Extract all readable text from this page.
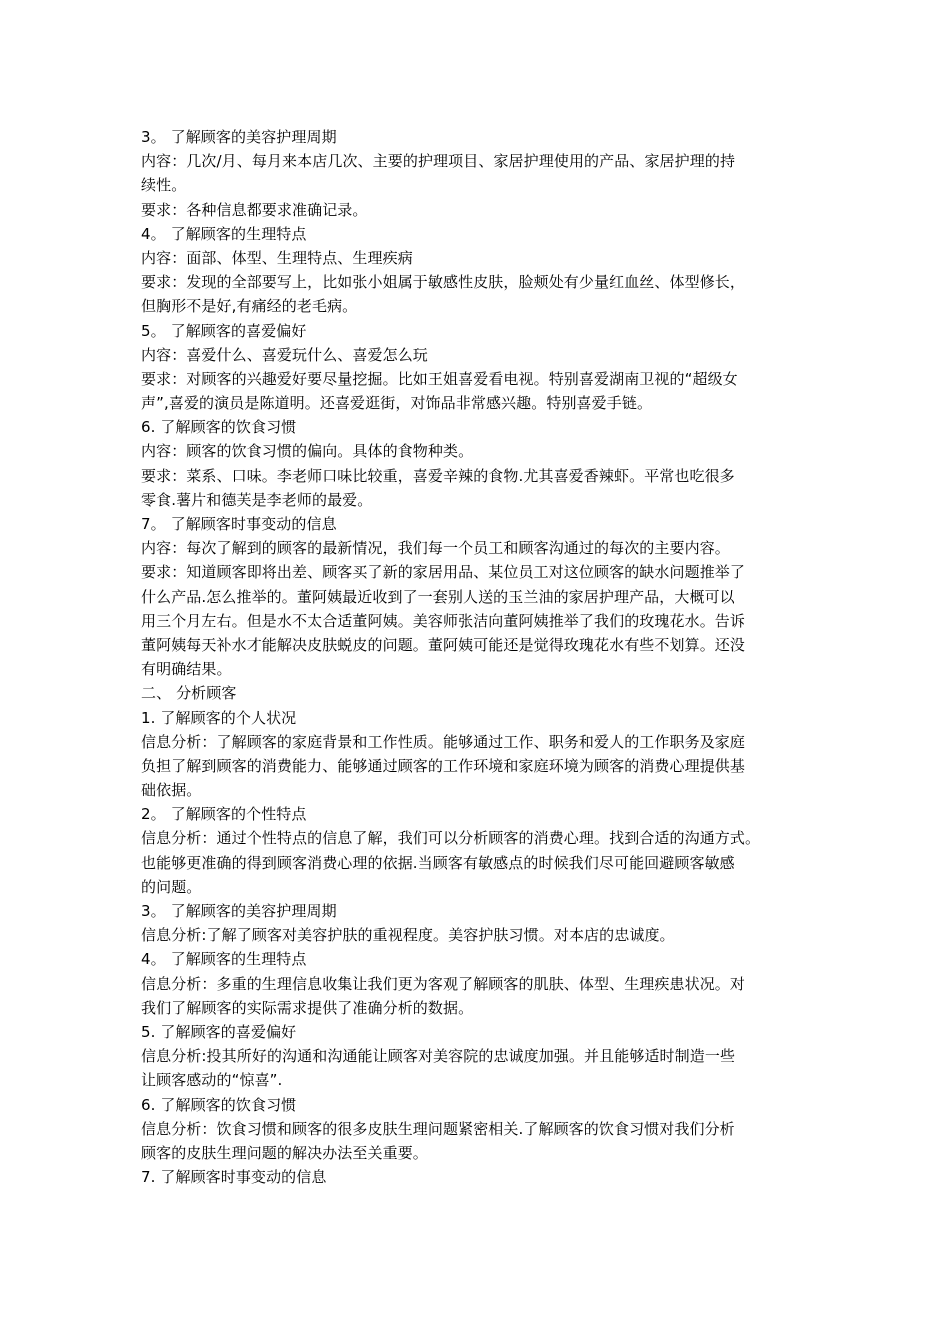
3。 了解顾客的美容护理周期
内容：几次/月、每月来本店几次、主要的护理项目、家居护理使用的产品、家居护理的持
续性。
要求：各种信息都要求准确记录。
4。 了解顾客的生理特点
内容：面部、体型、生理特点、生理疾病
要求：发现的全部要写上，比如张小姐属于敏感性皮肤，脸颊处有少量红血丝、体型修长，
但胸形不是好,有痛经的老毛病。
5。 了解顾客的喜爱偏好
内容：喜爱什么、喜爱玩什么、喜爱怎么玩
要求：对顾客的兴趣爱好要尽量挖掘。比如王姐喜爱看电视。特别喜爱湖南卫视的“超级女
声”,喜爱的演员是陈道明。还喜爱逛街，对饰品非常感兴趣。特别喜爱手链。
6. 了解顾客的饮食习惯
内容：顾客的饮食习惯的偏向。具体的食物种类。
要求：菜系、口味。李老师口味比较重，喜爱辛辣的食物.尤其喜爱香辣虾。平常也吃很多
零食.薯片和德芙是李老师的最爱。
7。 了解顾客时事变动的信息
内容：每次了解到的顾客的最新情况，我们每一个员工和顾客沟通过的每次的主要内容。
要求：知道顾客即将出差、顾客买了新的家居用品、某位员工对这位顾客的缺水问题推举了
什么产品.怎么推举的。董阿姨最近收到了一套别人送的玉兰油的家居护理产品，大概可以
用三个月左右。但是水不太合适董阿姨。美容师张洁向董阿姨推举了我们的玫瑰花水。告诉
董阿姨每天补水才能解决皮肤蜕皮的问题。董阿姨可能还是觉得玫瑰花水有些不划算。还没
有明确结果。
二、 分析顾客
1. 了解顾客的个人状况
信息分析：了解顾客的家庭背景和工作性质。能够通过工作、职务和爱人的工作职务及家庭
负担了解到顾客的消费能力、能够通过顾客的工作环境和家庭环境为顾客的消费心理提供基
础依据。
2。 了解顾客的个性特点
信息分析：通过个性特点的信息了解，我们可以分析顾客的消费心理。找到合适的沟通方式。
也能够更准确的得到顾客消费心理的依据.当顾客有敏感点的时候我们尽可能回避顾客敏感
的问题。
3。 了解顾客的美容护理周期
信息分析:了解了顾客对美容护肤的重视程度。美容护肤习惯。对本店的忠诚度。
4。 了解顾客的生理特点
信息分析：多重的生理信息收集让我们更为客观了解顾客的肌肤、体型、生理疾患状况。对
我们了解顾客的实际需求提供了准确分析的数据。
5. 了解顾客的喜爱偏好
信息分析:投其所好的沟通和沟通能让顾客对美容院的忠诚度加强。并且能够适时制造一些
让顾客感动的“惊喜”.
6. 了解顾客的饮食习惯
信息分析：饮食习惯和顾客的很多皮肤生理问题紧密相关.了解顾客的饮食习惯对我们分析
顾客的皮肤生理问题的解决办法至关重要。
7. 了解顾客时事变动的信息
